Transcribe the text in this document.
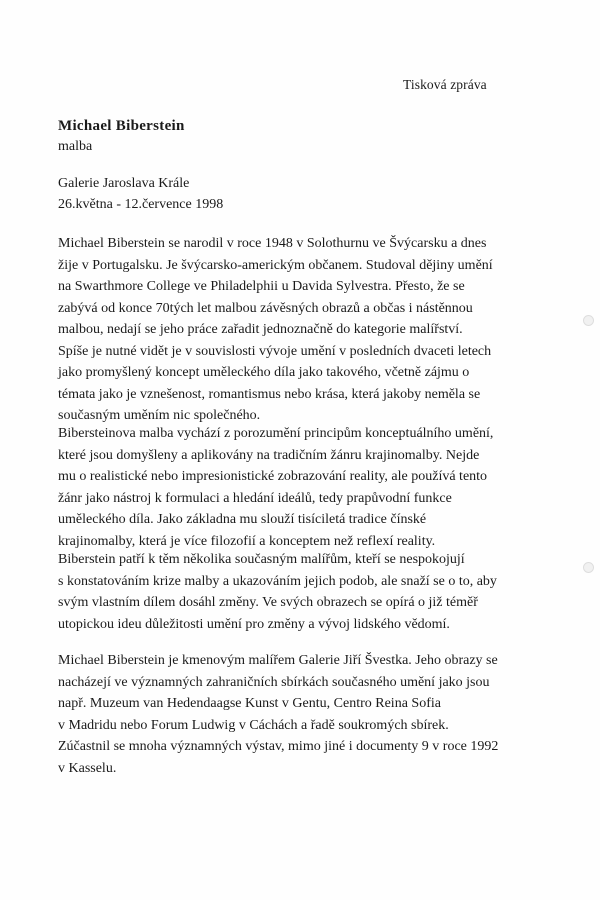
Tisková zpráva
Michael Biberstein
malba
Galerie Jaroslava Krále
26.května - 12.července 1998

Michael Biberstein se narodil v roce 1948 v Solothurnu ve Švýcarsku a dnes
žije v Portugalsku. Je švýcarsko-americkým občanem. Studoval dějiny umění
na Swarthmore College ve Philadelphii u Davida Sylvestra. Přesto, že se
zabývá od konce 70tých let malbou závěsných obrazů a občas i nástěnnou
malbou, nedají se jeho práce zařadit jednoznačně do kategorie malířství.
Spíše je nutné vidět je v souvislosti vývoje umění v posledních dvaceti letech
jako promyšlený koncept uměleckého díla jako takového, včetně zájmu o
témata jako je vznešenost, romantismus nebo krása, která jakoby neměla se
současným uměním nic společného.

Bibersteinova malba vychází z porozumění principům konceptuálního umění,
které jsou domyšleny a aplikovány na tradičním žánru krajinomalby. Nejde
mu o realistické nebo impresionistické zobrazování reality, ale používá tento
žánr jako nástroj k formulaci a hledání ideálů, tedy prapůvodní funkce
uměleckého díla. Jako základna mu slouží tisíciletá tradice čínské
krajinomalby, která je více filozofií a konceptem než reflexí reality.

Biberstein patří k těm několika současným malířům, kteří se nespokojují
s konstatováním krize malby a ukazováním jejich podob, ale snaží se o to, aby
svým vlastním dílem dosáhl změny. Ve svých obrazech se opírá o již téměř
utopickou ideu důležitosti umění pro změny a vývoj lidského vědomí.

Michael Biberstein je kmenovým malířem Galerie Jiří Švestka. Jeho obrazy se
nacházejí ve významných zahraničních sbírkách současného umění jako jsou
např. Muzeum van Hedendaagse Kunst v Gentu, Centro Reina Sofia
v Madridu nebo Forum Ludwig v Cáchách a řadě soukromých sbírek.
Zúčastnil se mnoha významných výstav, mimo jiné i documenty 9 v roce 1992
v Kasselu.
